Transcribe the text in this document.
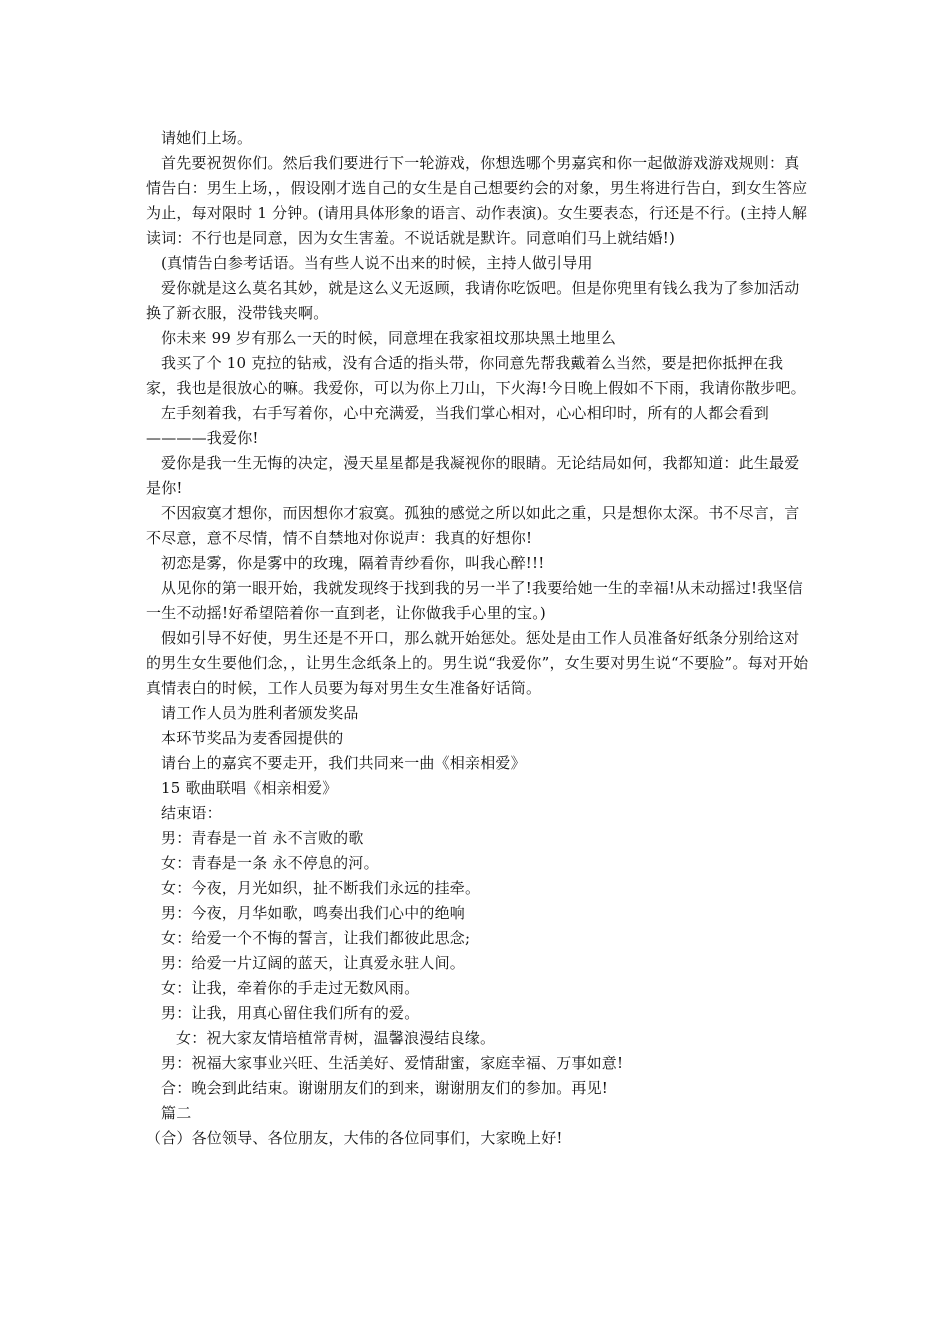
请她们上场。

首先要祝贺你们。然后我们要进行下一轮游戏，你想选哪个男嘉宾和你一起做游戏游戏规则：真情告白：男生上场，，假设刚才选自己的女生是自己想要约会的对象，男生将进行告白，到女生答应为止，每对限时 1 分钟。(请用具体形象的语言、动作表演)。女生要表态，行还是不行。(主持人解读词：不行也是同意，因为女生害羞。不说话就是默许。同意咱们马上就结婚!)

(真情告白参考话语。当有些人说不出来的时候，主持人做引导用

爱你就是这么莫名其妙，就是这么义无返顾，我请你吃饭吧。但是你兜里有钱么我为了参加活动换了新衣服，没带钱夹啊。

你未来 99 岁有那么一天的时候，同意埋在我家祖坟那块黑土地里么

我买了个 10 克拉的钻戒，没有合适的指头带，你同意先帮我戴着么当然，要是把你抵押在我家，我也是很放心的嘛。我爱你，可以为你上刀山，下火海!今日晚上假如不下雨，我请你散步吧。

左手刻着我，右手写着你，心中充满爱，当我们掌心相对，心心相印时，所有的人都会看到————我爱你!

爱你是我一生无悔的决定，漫天星星都是我凝视你的眼睛。无论结局如何，我都知道：此生最爱是你!

不因寂寞才想你，而因想你才寂寞。孤独的感觉之所以如此之重，只是想你太深。书不尽言，言不尽意，意不尽情，情不自禁地对你说声：我真的好想你!

初恋是雾，你是雾中的玫瑰，隔着青纱看你，叫我心醉!!!

从见你的第一眼开始，我就发现终于找到我的另一半了!我要给她一生的幸福!从未动摇过!我坚信一生不动摇!好希望陪着你一直到老，让你做我手心里的宝。)

假如引导不好使，男生还是不开口，那么就开始惩处。惩处是由工作人员准备好纸条分别给这对的男生女生要他们念，，让男生念纸条上的。男生说“我爱你”，女生要对男生说“不要脸”。每对开始真情表白的时候，工作人员要为每对男生女生准备好话筒。

请工作人员为胜利者颁发奖品

本环节奖品为麦香园提供的

请台上的嘉宾不要走开，我们共同来一曲《相亲相爱》

15 歌曲联唱《相亲相爱》

结束语：

男：青春是一首 永不言败的歌

女：青春是一条 永不停息的河。

女：今夜，月光如织，扯不断我们永远的挂牵。

男：今夜，月华如歌，鸣奏出我们心中的绝响

女：给爱一个不悔的誓言，让我们都彼此思念;

男：给爱一片辽阔的蓝天，让真爱永驻人间。

女：让我，牵着你的手走过无数风雨。

男：让我，用真心留住我们所有的爱。

女：祝大家友情培植常青树，温馨浪漫结良缘。

男：祝福大家事业兴旺、生活美好、爱情甜蜜，家庭幸福、万事如意!

合：晚会到此结束。谢谢朋友们的到来，谢谢朋友们的参加。再见!

篇二

（合）各位领导、各位朋友，大伟的各位同事们，大家晚上好!
